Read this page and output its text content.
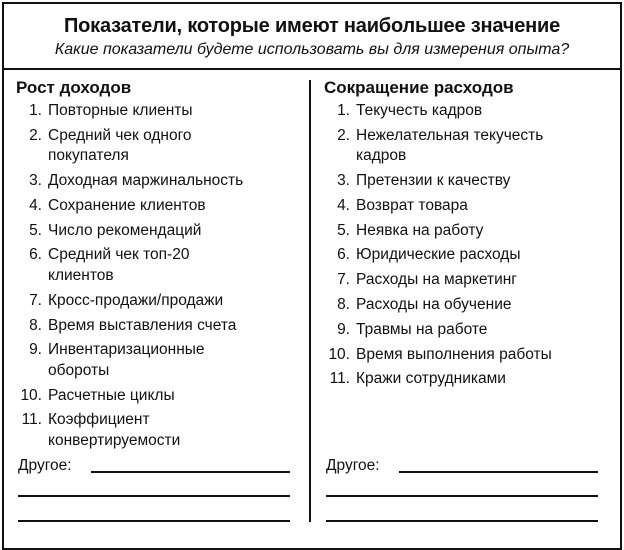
Показатели, которые имеют наибольшее значение
Какие показатели будете использовать вы для измерения опыта?
Рост доходов
1. Повторные клиенты
2. Средний чек одного покупателя
3. Доходная маржинальность
4. Сохранение клиентов
5. Число рекомендаций
6. Средний чек топ-20 клиентов
7. Кросс-продажи/продажи
8. Время выставления счета
9. Инвентаризационные обороты
10. Расчетные циклы
11. Коэффициент конвертируемости
Сокращение расходов
1. Текучесть кадров
2. Нежелательная текучесть кадров
3. Претензии к качеству
4. Возврат товара
5. Неявка на работу
6. Юридические расходы
7. Расходы на маркетинг
8. Расходы на обучение
9. Травмы на работе
10. Время выполнения работы
11. Кражи сотрудниками
Другое:	Другое:
